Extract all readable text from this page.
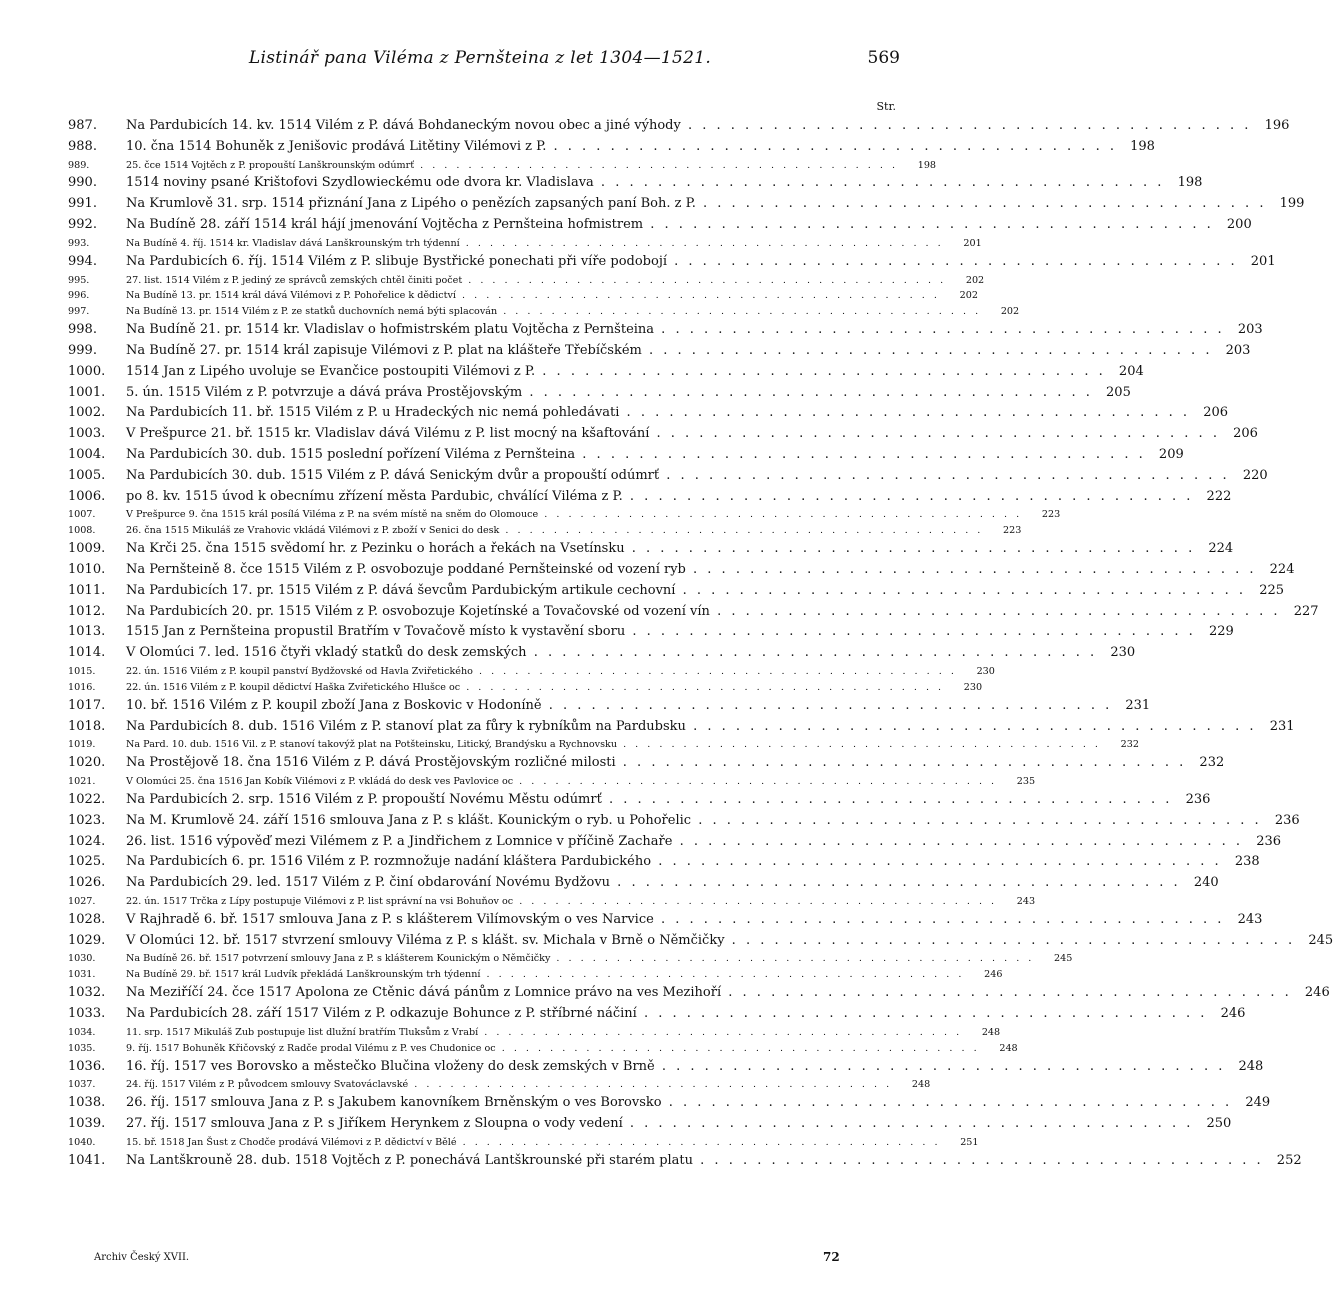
Listinář pana Viléma z Pernšteina z let 1304—1521.	569
Str.
987.	Na Pardubicích 14. kv. 1514 Vilém z P. dává Bohdaneckým novou obec a jiné výhody . . . . . . . . . . . . . . . . . . . . . . . . . . . . . . . . . . . . . . . .	196
988.	10. čna 1514 Bohuněk z Jenišovic prodává Litětiny Vilémovi z P. . . . . . . . . . . . . . . . . . . . . . . . . . . . . . . . . . . . . . . . .	198
989.	25. čce 1514 Vojtěch z P. propouští Lanškrounským odúmrť . . . . . . . . . . . . . . . . . . . . . . . . . . . . . . . . . . . . . . . .	198
990.	1514 noviny psané Krištofovi Szydlowieckému ode dvora kr. Vladislava . . . . . . . . . . . . . . . . . . . . . . . . . . . . . . . . . . . . . . . .	198
991.	Na Krumlově 31. srp. 1514 přiznání Jana z Lipého o penězích zapsaných paní Boh. z P. . . . . . . . . . . . . . . . . . . . . . . . . . . . . . . . . . . . . . . . .	199
992.	Na Budíně 28. září 1514 král hájí jmenování Vojtěcha z Pernšteina hofmistrem . . . . . . . . . . . . . . . . . . . . . . . . . . . . . . . . . . . . . . . .	200
993.	Na Budíně 4. říj. 1514 kr. Vladislav dává Lanškrounským trh týdenní . . . . . . . . . . . . . . . . . . . . . . . . . . . . . . . . . . . . . . . .	201
994.	Na Pardubicích 6. říj. 1514 Vilém z P. slibuje Bystřické ponechati při víře podobojí . . . . . . . . . . . . . . . . . . . . . . . . . . . . . . . . . . . . . . . .	201
995.	27. list. 1514 Vilém z P. jediný ze správců zemských chtěl činiti počet . . . . . . . . . . . . . . . . . . . . . . . . . . . . . . . . . . . . . . . .	202
996.	Na Budíně 13. pr. 1514 král dává Vilémovi z P. Pohořelice k dědictví . . . . . . . . . . . . . . . . . . . . . . . . . . . . . . . . . . . . . . . .	202
997.	Na Budíně 13. pr. 1514 Vilém z P. ze statků duchovních nemá býti splacován . . . . . . . . . . . . . . . . . . . . . . . . . . . . . . . . . . . . . . . .	202
998.	Na Budíně 21. pr. 1514 kr. Vladislav o hofmistrském platu Vojtěcha z Pernšteina . . . . . . . . . . . . . . . . . . . . . . . . . . . . . . . . . . . . . . . .	203
999.	Na Budíně 27. pr. 1514 král zapisuje Vilémovi z P. plat na klášteře Třebíčském . . . . . . . . . . . . . . . . . . . . . . . . . . . . . . . . . . . . . . . .	203
1000.	1514 Jan z Lipého uvoluje se Evančice postoupiti Vilémovi z P. . . . . . . . . . . . . . . . . . . . . . . . . . . . . . . . . . . . . . . . .	204
1001.	5. ún. 1515 Vilém z P. potvrzuje a dává práva Prostějovským . . . . . . . . . . . . . . . . . . . . . . . . . . . . . . . . . . . . . . . .	205
1002.	Na Pardubicích 11. bř. 1515 Vilém z P. u Hradeckých nic nemá pohledávati . . . . . . . . . . . . . . . . . . . . . . . . . . . . . . . . . . . . . . . .	206
1003.	V Prešpurce 21. bř. 1515 kr. Vladislav dává Vilému z P. list mocný na kšaftování . . . . . . . . . . . . . . . . . . . . . . . . . . . . . . . . . . . . . . . .	206
1004.	Na Pardubicích 30. dub. 1515 poslední pořízení Viléma z Pernšteina . . . . . . . . . . . . . . . . . . . . . . . . . . . . . . . . . . . . . . . .	209
1005.	Na Pardubicích 30. dub. 1515 Vilém z P. dává Senickým dvůr a propouští odúmrť . . . . . . . . . . . . . . . . . . . . . . . . . . . . . . . . . . . . . . . .	220
1006.	po 8. kv. 1515 úvod k obecnímu zřízení města Pardubic, chválící Viléma z P. . . . . . . . . . . . . . . . . . . . . . . . . . . . . . . . . . . . . . . . .	222
1007.	V Prešpurce 9. čna 1515 král posílá Viléma z P. na svém místě na sněm do Olomouce . . . . . . . . . . . . . . . . . . . . . . . . . . . . . . . . . . . . . . . .	223
1008.	26. čna 1515 Mikuláš ze Vrahovic vkládá Vilémovi z P. zboží v Senici do desk . . . . . . . . . . . . . . . . . . . . . . . . . . . . . . . . . . . . . . . .	223
1009.	Na Krči 25. čna 1515 svědomí hr. z Pezinku o horách a řekách na Vsetínsku . . . . . . . . . . . . . . . . . . . . . . . . . . . . . . . . . . . . . . . .	224
1010.	Na Pernšteině 8. čce 1515 Vilém z P. osvobozuje poddané Pernšteinské od vození ryb . . . . . . . . . . . . . . . . . . . . . . . . . . . . . . . . . . . . . . . .	224
1011.	Na Pardubicích 17. pr. 1515 Vilém z P. dává ševcům Pardubickým artikule cechovní . . . . . . . . . . . . . . . . . . . . . . . . . . . . . . . . . . . . . . . .	225
1012.	Na Pardubicích 20. pr. 1515 Vilém z P. osvobozuje Kojetínské a Tovačovské od vození vín . . . . . . . . . . . . . . . . . . . . . . . . . . . . . . . . . . . . . . . .	227
1013.	1515 Jan z Pernšteina propustil Bratřím v Tovačově místo k vystavění sboru . . . . . . . . . . . . . . . . . . . . . . . . . . . . . . . . . . . . . . . .	229
1014.	V Olomúci 7. led. 1516 čtyři vkladý statků do desk zemských . . . . . . . . . . . . . . . . . . . . . . . . . . . . . . . . . . . . . . . .	230
1015.	22. ún. 1516 Vilém z P. koupil panství Bydžovské od Havla Zviřetického . . . . . . . . . . . . . . . . . . . . . . . . . . . . . . . . . . . . . . . .	230
1016.	22. ún. 1516 Vilém z P. koupil dědictví Haška Zviřetického Hlušce oc . . . . . . . . . . . . . . . . . . . . . . . . . . . . . . . . . . . . . . . .	230
1017.	10. bř. 1516 Vilém z P. koupil zboží Jana z Boskovic v Hodoníně . . . . . . . . . . . . . . . . . . . . . . . . . . . . . . . . . . . . . . . .	231
1018.	Na Pardubicích 8. dub. 1516 Vilém z P. stanoví plat za fůry k rybníkům na Pardubsku . . . . . . . . . . . . . . . . . . . . . . . . . . . . . . . . . . . . . . . .	231
1019.	Na Pard. 10. dub. 1516 Vil. z P. stanoví takovýž plat na Potšteinsku, Litický, Brandýsku a Rychnovsku . . . . . . . . . . . . . . . . . . . . . . . . . . . . . . . . . . . . . . . .	232
1020.	Na Prostějově 18. čna 1516 Vilém z P. dává Prostějovským rozličné milosti . . . . . . . . . . . . . . . . . . . . . . . . . . . . . . . . . . . . . . . .	232
1021.	V Olomúci 25. čna 1516 Jan Kobík Vilémovi z P. vkládá do desk ves Pavlovice oc . . . . . . . . . . . . . . . . . . . . . . . . . . . . . . . . . . . . . . . .	235
1022.	Na Pardubicích 2. srp. 1516 Vilém z P. propouští Novému Městu odúmrť . . . . . . . . . . . . . . . . . . . . . . . . . . . . . . . . . . . . . . . .	236
1023.	Na M. Krumlově 24. září 1516 smlouva Jana z P. s klášt. Kounickým o ryb. u Pohořelic . . . . . . . . . . . . . . . . . . . . . . . . . . . . . . . . . . . . . . . .	236
1024.	26. list. 1516 výpověď mezi Vilémem z P. a Jindřichem z Lomnice v příčině Zachaře . . . . . . . . . . . . . . . . . . . . . . . . . . . . . . . . . . . . . . . .	236
1025.	Na Pardubicích 6. pr. 1516 Vilém z P. rozmnožuje nadání kláštera Pardubického . . . . . . . . . . . . . . . . . . . . . . . . . . . . . . . . . . . . . . . .	238
1026.	Na Pardubicích 29. led. 1517 Vilém z P. činí obdarování Novému Bydžovu . . . . . . . . . . . . . . . . . . . . . . . . . . . . . . . . . . . . . . . .	240
1027.	22. ún. 1517 Trčka z Lípy postupuje Vilémovi z P. list správní na vsi Bohuňov oc . . . . . . . . . . . . . . . . . . . . . . . . . . . . . . . . . . . . . . . .	243
1028.	V Rajhradě 6. bř. 1517 smlouva Jana z P. s klášterem Vilímovským o ves Narvice . . . . . . . . . . . . . . . . . . . . . . . . . . . . . . . . . . . . . . . .	243
1029.	V Olomúci 12. bř. 1517 stvrzení smlouvy Viléma z P. s klášt. sv. Michala v Brně o Němčičky . . . . . . . . . . . . . . . . . . . . . . . . . . . . . . . . . . . . . . . .	245
1030.	Na Budíně 26. bř. 1517 potvrzení smlouvy Jana z P. s klášterem Kounickým o Němčičky . . . . . . . . . . . . . . . . . . . . . . . . . . . . . . . . . . . . . . . .	245
1031.	Na Budíně 29. bř. 1517 král Ludvík překládá Lanškrounským trh týdenní . . . . . . . . . . . . . . . . . . . . . . . . . . . . . . . . . . . . . . . .	246
1032.	Na Meziříčí 24. čce 1517 Apolona ze Ctěnic dává pánům z Lomnice právo na ves Mezihoří . . . . . . . . . . . . . . . . . . . . . . . . . . . . . . . . . . . . . . . .	246
1033.	Na Pardubicích 28. září 1517 Vilém z P. odkazuje Bohunce z P. stříbrné náčiní . . . . . . . . . . . . . . . . . . . . . . . . . . . . . . . . . . . . . . . .	246
1034.	11. srp. 1517 Mikuláš Zub postupuje list dlužní bratřím Tluksům z Vrabí . . . . . . . . . . . . . . . . . . . . . . . . . . . . . . . . . . . . . . . .	248
1035.	9. říj. 1517 Bohuněk Křičovský z Radče prodal Vilému z P. ves Chudonice oc . . . . . . . . . . . . . . . . . . . . . . . . . . . . . . . . . . . . . . . .	248
1036.	16. říj. 1517 ves Borovsko a městečko Blučina vloženy do desk zemských v Brně . . . . . . . . . . . . . . . . . . . . . . . . . . . . . . . . . . . . . . . .	248
1037.	24. říj. 1517 Vilém z P. původcem smlouvy Svatováclavské . . . . . . . . . . . . . . . . . . . . . . . . . . . . . . . . . . . . . . . .	248
1038.	26. říj. 1517 smlouva Jana z P. s Jakubem kanovníkem Brněnským o ves Borovsko . . . . . . . . . . . . . . . . . . . . . . . . . . . . . . . . . . . . . . . .	249
1039.	27. říj. 1517 smlouva Jana z P. s Jiříkem Herynkem z Sloupna o vody vedení . . . . . . . . . . . . . . . . . . . . . . . . . . . . . . . . . . . . . . . .	250
1040.	15. bř. 1518 Jan Šust z Chodče prodává Vilémovi z P. dědictví v Bělé . . . . . . . . . . . . . . . . . . . . . . . . . . . . . . . . . . . . . . . .	251
1041.	Na Lantškrouně 28. dub. 1518 Vojtěch z P. ponechává Lantškrounské při starém platu . . . . . . . . . . . . . . . . . . . . . . . . . . . . . . . . . . . . . . . .	252
Archiv Český XVII.	72
